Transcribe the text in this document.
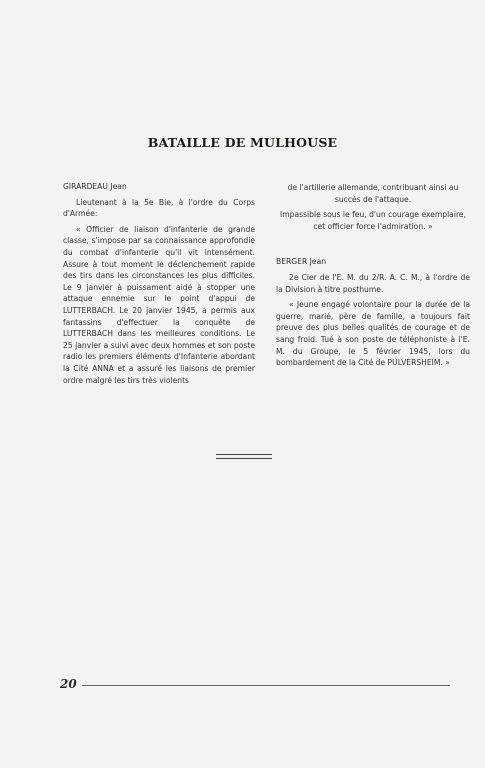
BATAILLE DE MULHOUSE
GIRARDEAU Jean
Lieutenant à la 5e Bie, à l'ordre du Corps d'Armée:
« Officier de liaison d'infanterie de grande classe, s'impose par sa connaissance approfondie du combat d'infanterie qu'il vit intensément. Assure à tout moment le déclenchement rapide des tirs dans les circonstances les plus difficiles. Le 9 janvier à puissament aidé à stopper une attaque ennemie sur le point d'appui de LUTTERBACH. Le 20 janvier 1945, a permis aux fantassins d'effectuer la conquête de LUTTERBACH dans les meilleures conditions. Le 25 janvier a suivi avec deux hommes et son poste radio les premiers éléments d'Infanterie abordant la Cité ANNA et a assuré les liaisons de premier ordre malgré les tirs très violents
de l'artillerie allemande, contribuant ainsi au succès de l'attaque.
Impassible sous le feu, d'un courage exemplaire, cet officier force l'admiration. »
BERGER Jean
2e Cier de l'E. M. du 2/R. A. C. M., à l'ordre de la Division à titre posthume.
« Jeune engagé volontaire pour la durée de la guerre, marié, père de famille, a toujours fait preuve des plus belles qualités de courage et de sang froid. Tué à son poste de téléphoniste à l'E. M. du Groupe, le 5 février 1945, lors du bombardement de la Cité de PULVERSHEIM. »
20
